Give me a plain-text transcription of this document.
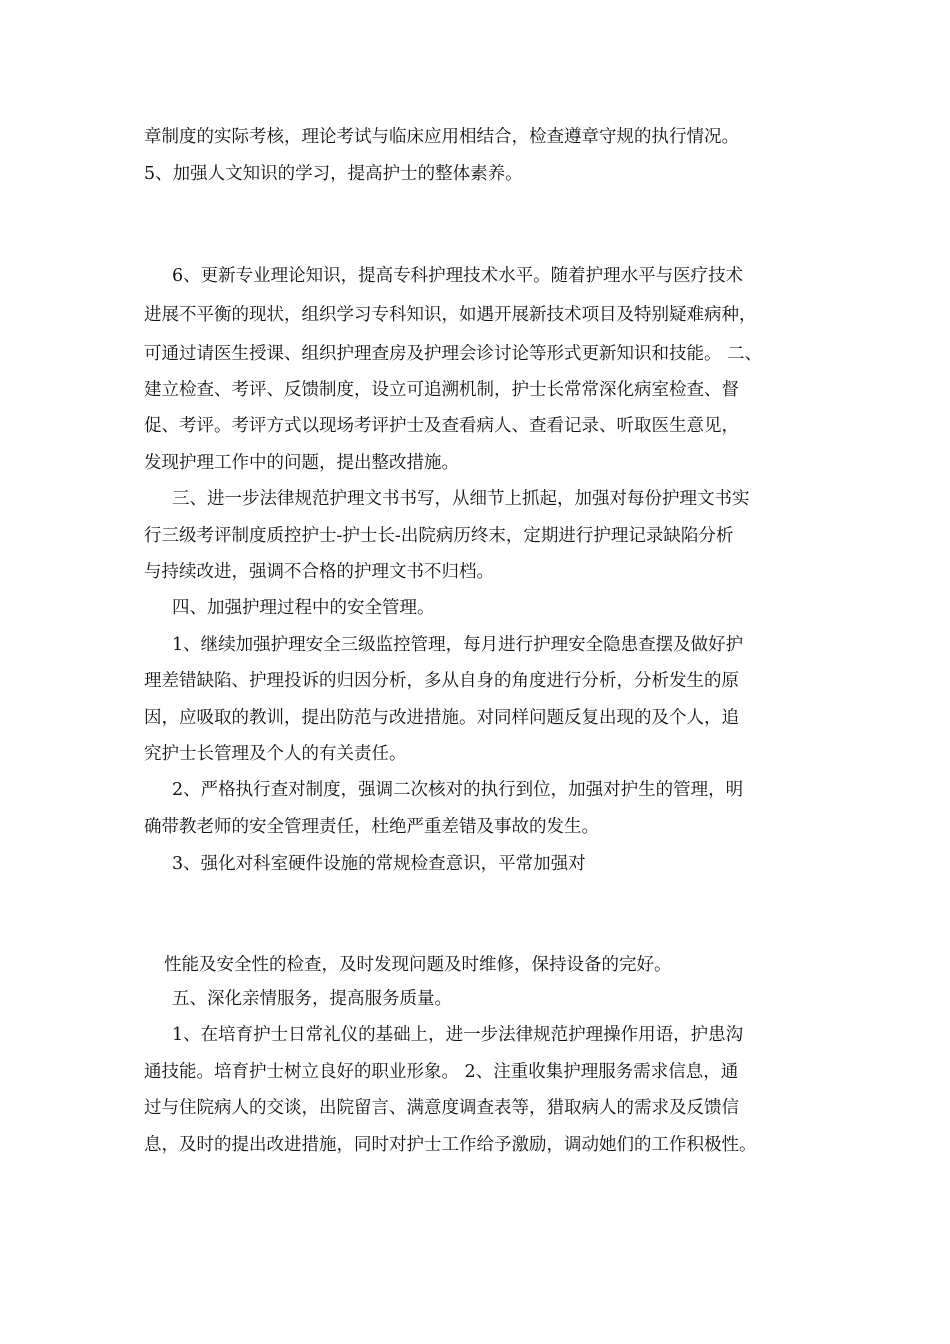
章制度的实际考核，理论考试与临床应用相结合，检查遵章守规的执行情况。
5、加强人文知识的学习，提高护士的整体素养。
6、更新专业理论知识，提高专科护理技术水平。随着护理水平与医疗技术
进展不平衡的现状，组织学习专科知识，如遇开展新技术项目及特别疑难病种，
可通过请医生授课、组织护理查房及护理会诊讨论等形式更新知识和技能。 二、
建立检查、考评、反馈制度，设立可追溯机制，护士长常常深化病室检查、督
促、考评。考评方式以现场考评护士及查看病人、查看记录、听取医生意见，
发现护理工作中的问题，提出整改措施。
三、进一步法律规范护理文书书写，从细节上抓起，加强对每份护理文书实
行三级考评制度质控护士-护士长-出院病历终末，定期进行护理记录缺陷分析
与持续改进，强调不合格的护理文书不归档。
四、加强护理过程中的安全管理。
1、继续加强护理安全三级监控管理，每月进行护理安全隐患查摆及做好护
理差错缺陷、护理投诉的归因分析，多从自身的角度进行分析，分析发生的原
因，应吸取的教训，提出防范与改进措施。对同样问题反复出现的及个人，追
究护士长管理及个人的有关责任。
2、严格执行查对制度，强调二次核对的执行到位，加强对护生的管理，明
确带教老师的安全管理责任，杜绝严重差错及事故的发生。
3、强化对科室硬件设施的常规检查意识，平常加强对
性能及安全性的检查，及时发现问题及时维修，保持设备的完好。
五、深化亲情服务，提高服务质量。
1、在培育护士日常礼仪的基础上，进一步法律规范护理操作用语，护患沟
通技能。培育护士树立良好的职业形象。 2、注重收集护理服务需求信息，通
过与住院病人的交谈，出院留言、满意度调查表等，猎取病人的需求及反馈信
息，及时的提出改进措施，同时对护士工作给予激励，调动她们的工作积极性。
